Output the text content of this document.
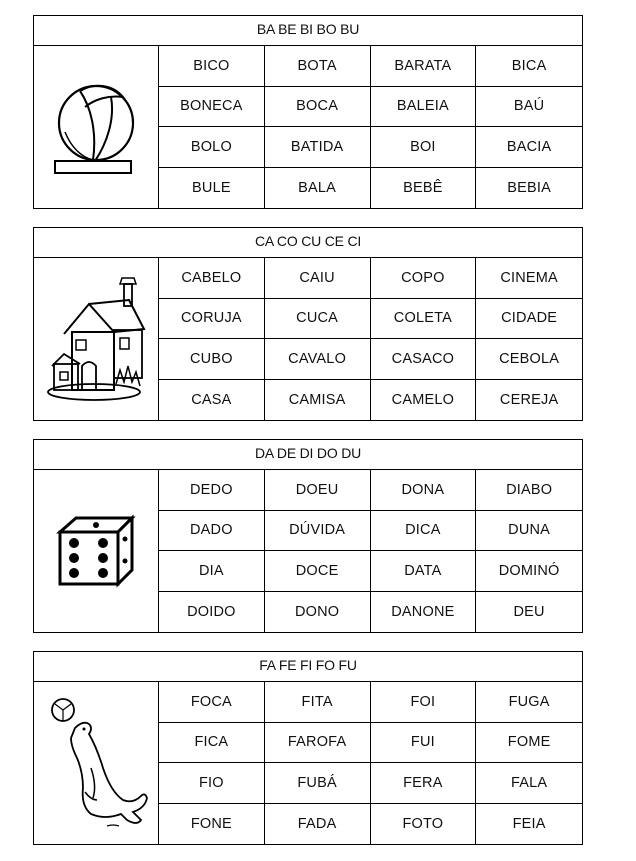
BA BE BI BO BU
BICO	BOTA	BARATA	BICA
BONECA	BOCA	BALEIA	BAÚ
BOLO	BATIDA	BOI	BACIA
BULE	BALA	BEBÊ	BEBIA
CA CO CU CE CI
CABELO	CAIU	COPO	CINEMA
CORUJA	CUCA	COLETA	CIDADE
CUBO	CAVALO	CASACO	CEBOLA
CASA	CAMISA	CAMELO	CEREJA
DA DE DI DO DU
DEDO	DOEU	DONA	DIABO
DADO	DÚVIDA	DICA	DUNA
DIA	DOCE	DATA	DOMINÓ
DOIDO	DONO	DANONE	DEU
FA FE FI FO FU
FOCA	FITA	FOI	FUGA
FICA	FAROFA	FUI	FOME
FIO	FUBÁ	FERA	FALA
FONE	FADA	FOTO	FEIA
